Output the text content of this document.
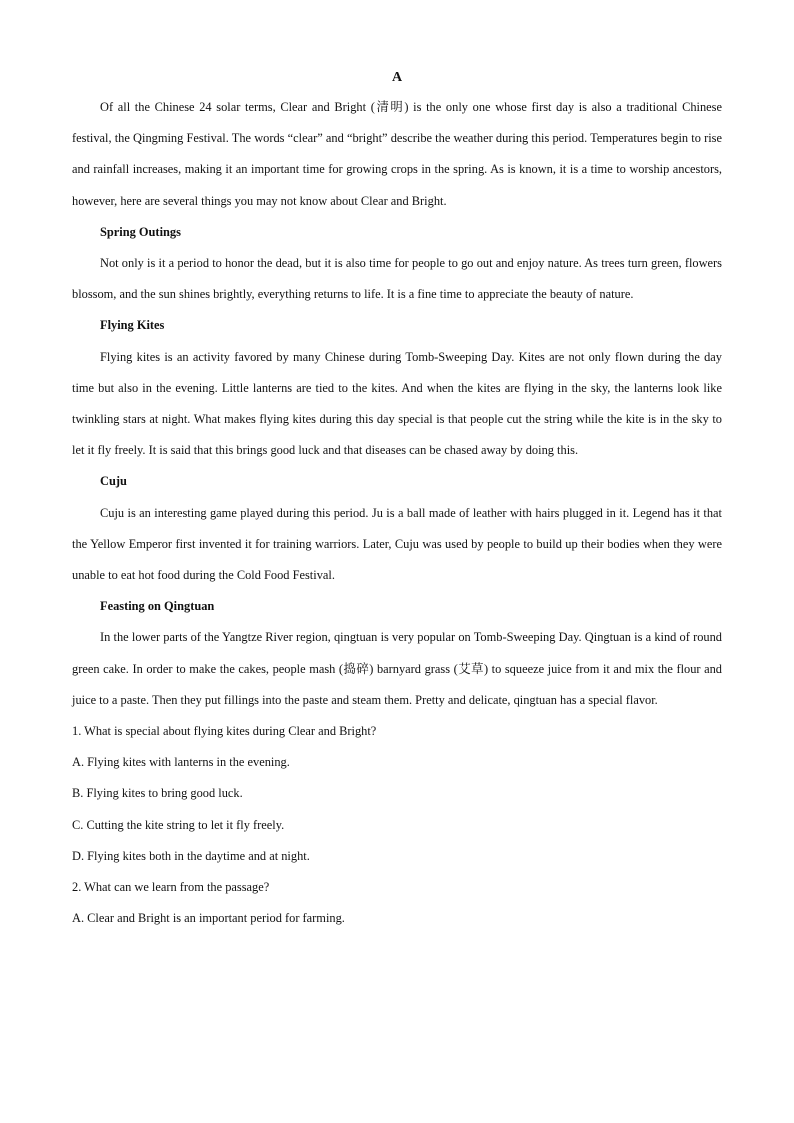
A

Of all the Chinese 24 solar terms, Clear and Bright (清明) is the only one whose first day is also a traditional Chinese festival, the Qingming Festival. The words “clear” and “bright” describe the weather during this period. Temperatures begin to rise and rainfall increases, making it an important time for growing crops in the spring. As is known, it is a time to worship ancestors, however, here are several things you may not know about Clear and Bright.

Spring Outings

Not only is it a period to honor the dead, but it is also time for people to go out and enjoy nature. As trees turn green, flowers blossom, and the sun shines brightly, everything returns to life. It is a fine time to appreciate the beauty of nature.

Flying Kites

Flying kites is an activity favored by many Chinese during Tomb-Sweeping Day. Kites are not only flown during the day time but also in the evening. Little lanterns are tied to the kites. And when the kites are flying in the sky, the lanterns look like twinkling stars at night. What makes flying kites during this day special is that people cut the string while the kite is in the sky to let it fly freely. It is said that this brings good luck and that diseases can be chased away by doing this.

Cuju

Cuju is an interesting game played during this period. Ju is a ball made of leather with hairs plugged in it. Legend has it that the Yellow Emperor first invented it for training warriors. Later, Cuju was used by people to build up their bodies when they were unable to eat hot food during the Cold Food Festival.

Feasting on Qingtuan

In the lower parts of the Yangtze River region, qingtuan is very popular on Tomb-Sweeping Day. Qingtuan is a kind of round green cake. In order to make the cakes, people mash (捣碎) barnyard grass (艾草) to squeeze juice from it and mix the flour and juice to a paste. Then they put fillings into the paste and steam them. Pretty and delicate, qingtuan has a special flavor.

1. What is special about flying kites during Clear and Bright?

A. Flying kites with lanterns in the evening.

B. Flying kites to bring good luck.

C. Cutting the kite string to let it fly freely.

D. Flying kites both in the daytime and at night.

2. What can we learn from the passage?

A. Clear and Bright is an important period for farming.
